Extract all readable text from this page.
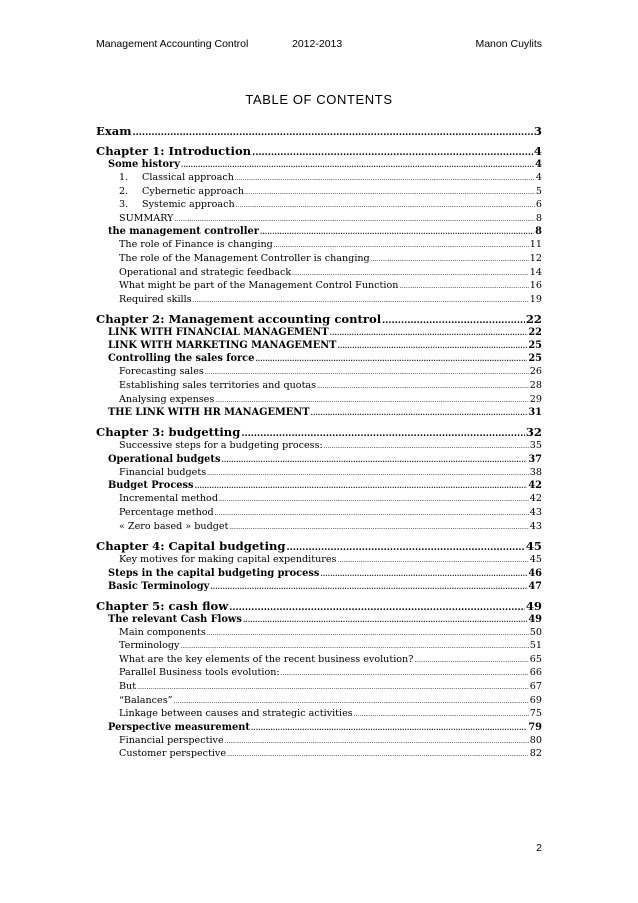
Management Accounting Control	2012-2013	Manon Cuylits
TABLE OF CONTENTS
Exam .....	3
Chapter 1: Introduction .....	4
Some history .....	4
1. Classical approach .....	4
2. Cybernetic approach .....	5
3. Systemic approach .....	6
SUMMARY .....	8
the management controller .....	8
The role of Finance is changing .....	11
The role of the Management Controller is changing .....	12
Operational and strategic feedback .....	14
What might be part of the Management Control Function .....	16
Required skills .....	19
Chapter 2: Management accounting control .....	22
LINK WITH FINANCIAL MANAGEMENT .....	22
LINK WITH MARKETING MANAGEMENT .....	25
Controlling the sales force .....	25
Forecasting sales .....	26
Establishing sales territories and quotas .....	28
Analysing expenses .....	29
THE LINK WITH HR MANAGEMENT .....	31
Chapter 3: budgetting .....	32
Successive steps for a budgeting process: .....	35
Operational budgets .....	37
Financial budgets .....	38
Budget Process .....	42
Incremental method .....	42
Percentage method .....	43
« Zero based » budget .....	43
Chapter 4: Capital budgeting .....	45
Key motives for making capital expenditures .....	45
Steps in the capital budgeting process .....	46
Basic Terminology .....	47
Chapter 5: cash flow .....	49
The relevant Cash Flows .....	49
Main components .....	50
Terminology .....	51
What are the key elements of the recent business evolution? .....	65
Parallel Business tools evolution: .....	66
But .....	67
“Balances” .....	69
Linkage between causes and strategic activities .....	75
Perspective measurement .....	79
Financial perspective .....	80
Customer perspective .....	82
2
